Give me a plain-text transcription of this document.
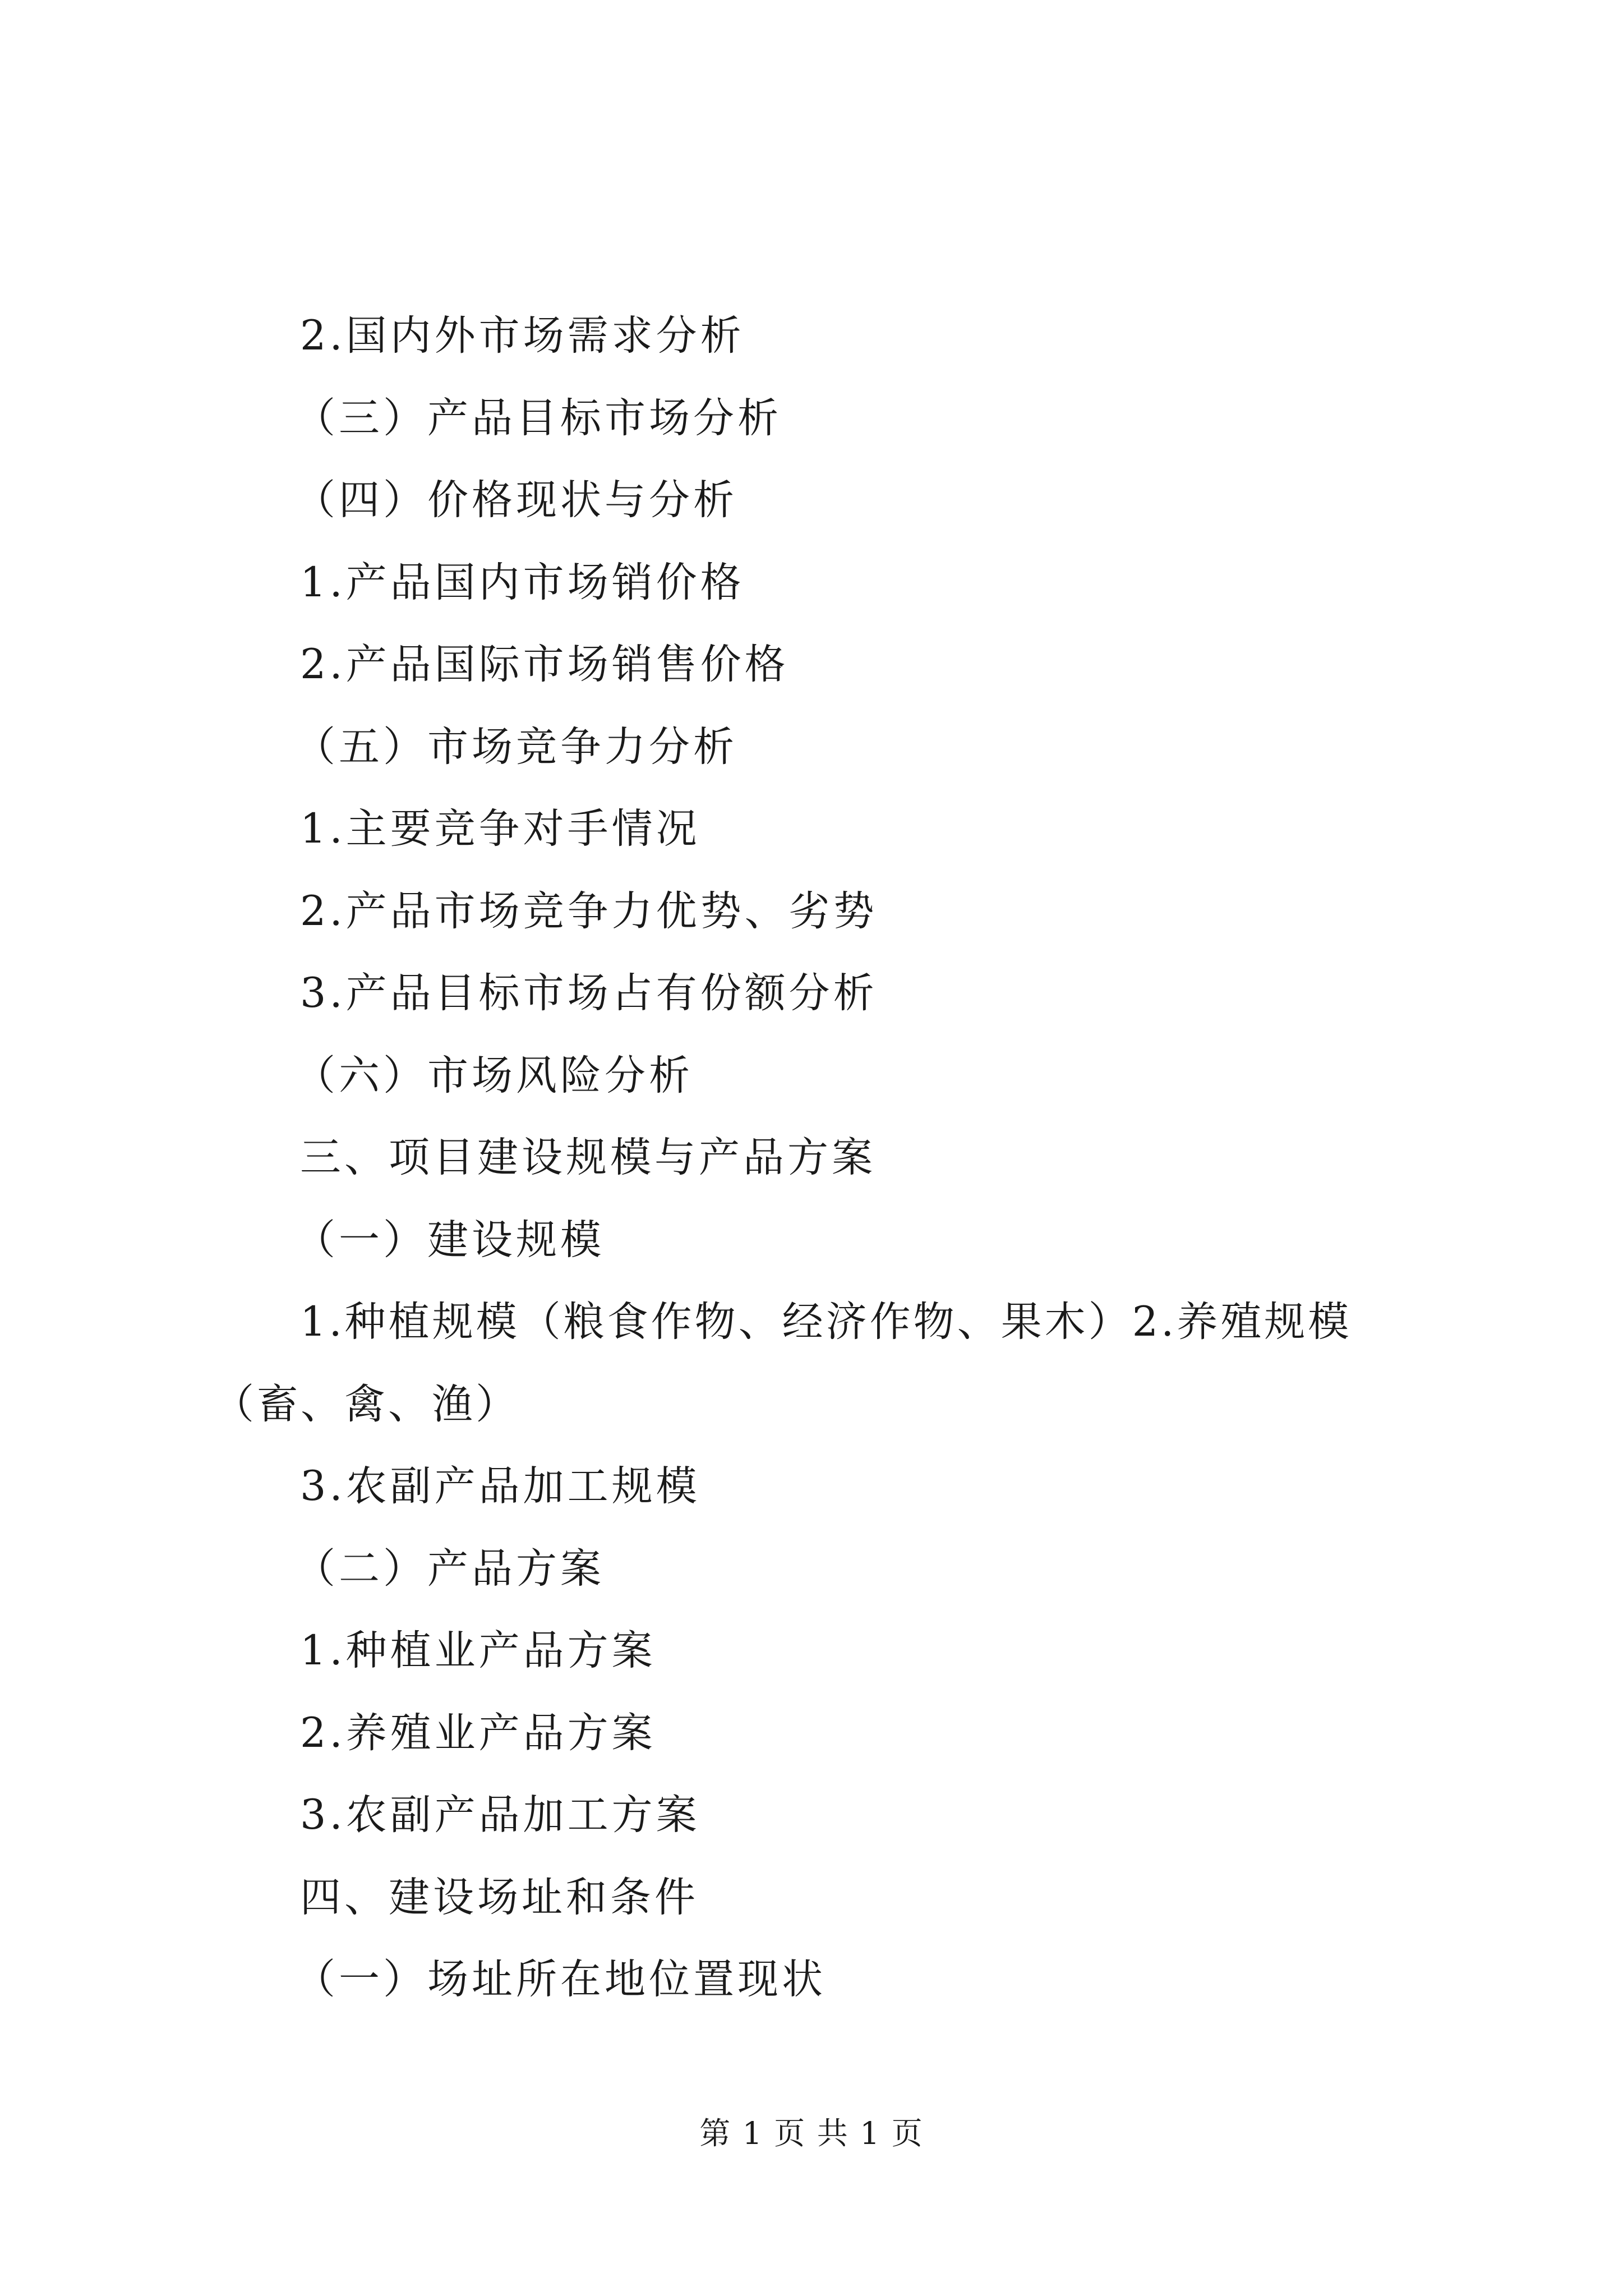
2.国内外市场需求分析
（三）产品目标市场分析
（四）价格现状与分析
1.产品国内市场销价格
2.产品国际市场销售价格
（五）市场竞争力分析
1.主要竞争对手情况
2.产品市场竞争力优势、劣势
3.产品目标市场占有份额分析
（六）市场风险分析
三、项目建设规模与产品方案
（一）建设规模
1.种植规模（粮食作物、经济作物、果木）2.养殖规模（畜、禽、渔）
3.农副产品加工规模
（二）产品方案
1.种植业产品方案
2.养殖业产品方案
3.农副产品加工方案
四、建设场址和条件
（一）场址所在地位置现状
第 1 页 共 1 页
